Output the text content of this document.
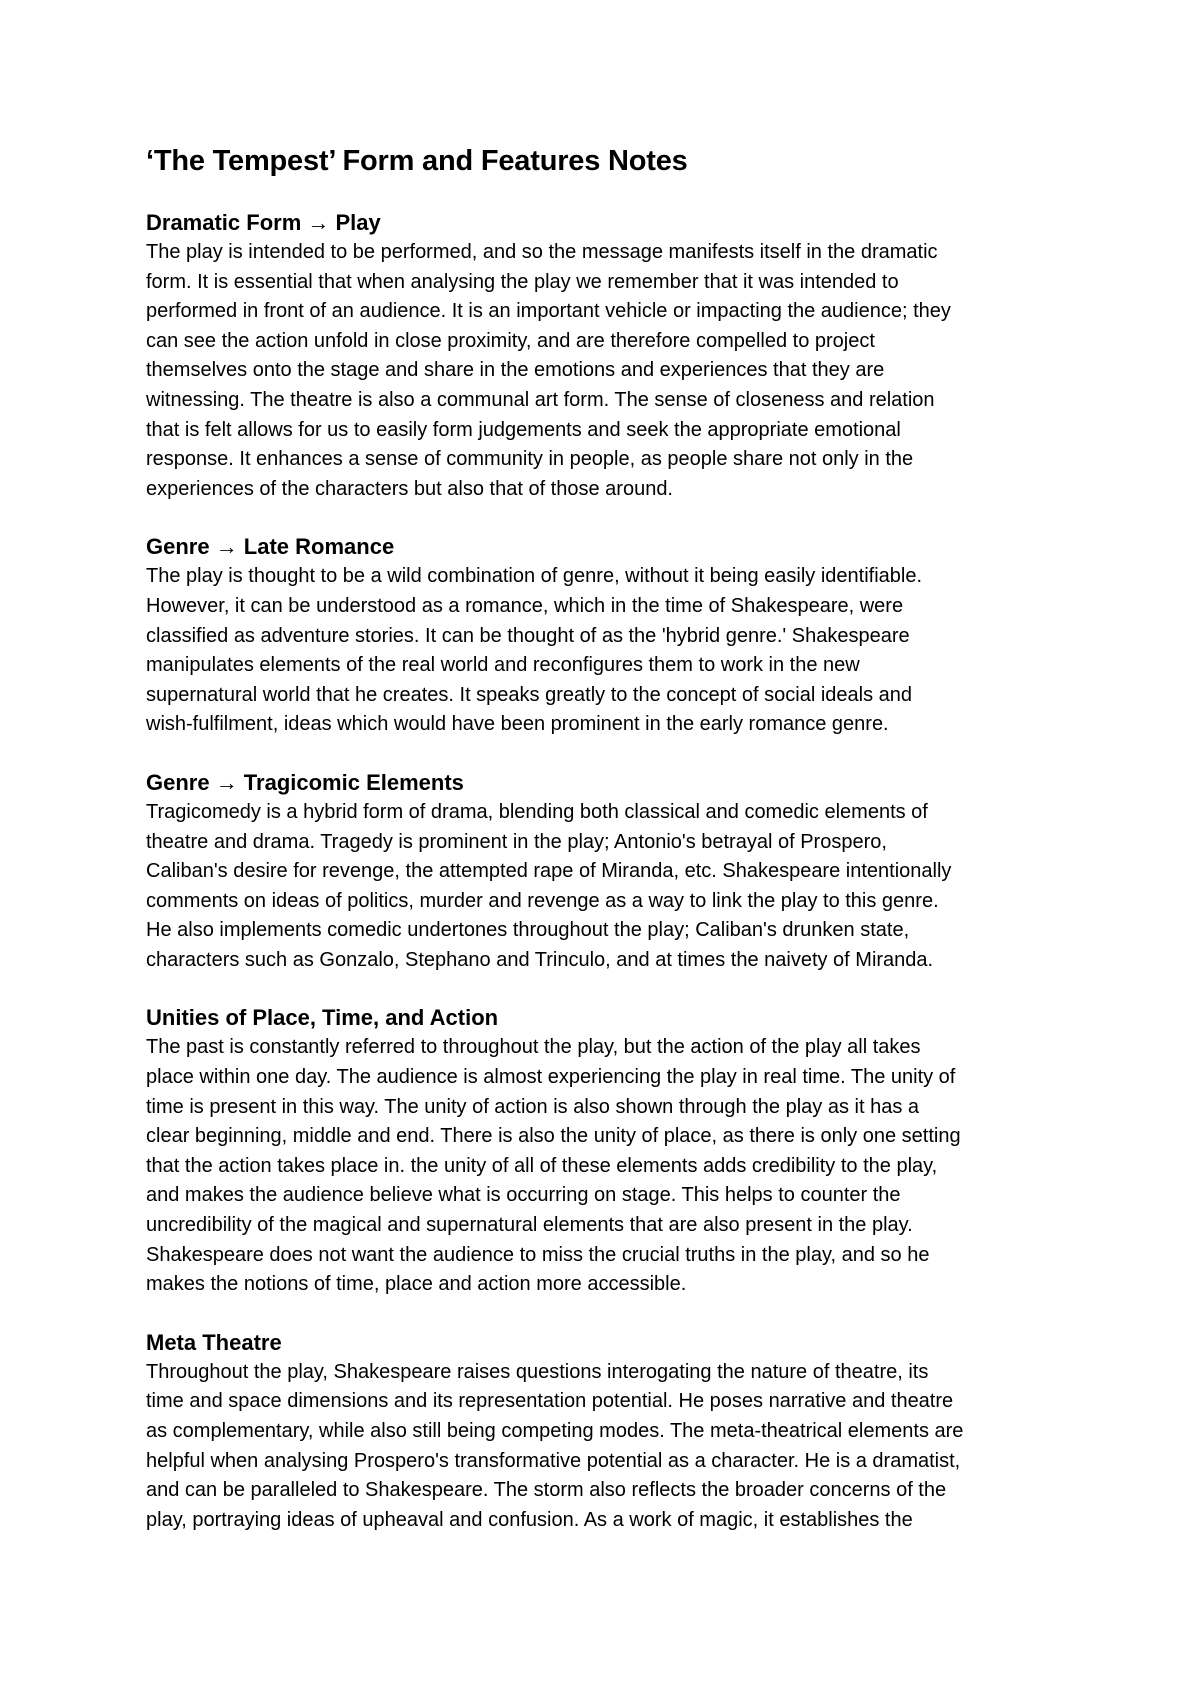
‘The Tempest’ Form and Features Notes
Dramatic Form → Play
The play is intended to be performed, and so the message manifests itself in the dramatic
form. It is essential that when analysing the play we remember that it was intended to
performed in front of an audience. It is an important vehicle or impacting the audience; they
can see the action unfold in close proximity, and are therefore compelled to project
themselves onto the stage and share in the emotions and experiences that they are
witnessing. The theatre is also a communal art form. The sense of closeness and relation
that is felt allows for us to easily form judgements and seek the appropriate emotional
response. It enhances a sense of community in people, as people share not only in the
experiences of the characters but also that of those around.
Genre → Late Romance
The play is thought to be a wild combination of genre, without it being easily identifiable.
However, it can be understood as a romance, which in the time of Shakespeare, were
classified as adventure stories. It can be thought of as the 'hybrid genre.' Shakespeare
manipulates elements of the real world and reconfigures them to work in the new
supernatural world that he creates. It speaks greatly to the concept of social ideals and
wish-fulfilment, ideas which would have been prominent in the early romance genre.
Genre → Tragicomic Elements
Tragicomedy is a hybrid form of drama, blending both classical and comedic elements of
theatre and drama. Tragedy is prominent in the play; Antonio's betrayal of Prospero,
Caliban's desire for revenge, the attempted rape of Miranda, etc. Shakespeare intentionally
comments on ideas of politics, murder and revenge as a way to link the play to this genre.
He also implements comedic undertones throughout the play; Caliban's drunken state,
characters such as Gonzalo, Stephano and Trinculo, and at times the naivety of Miranda.
Unities of Place, Time, and Action
The past is constantly referred to throughout the play, but the action of the play all takes
place within one day. The audience is almost experiencing the play in real time. The unity of
time is present in this way. The unity of action is also shown through the play as it has a
clear beginning, middle and end. There is also the unity of place, as there is only one setting
that the action takes place in. the unity of all of these elements adds credibility to the play,
and makes the audience believe what is occurring on stage. This helps to counter the
uncredibility of the magical and supernatural elements that are also present in the play.
Shakespeare does not want the audience to miss the crucial truths in the play, and so he
makes the notions of time, place and action more accessible.
Meta Theatre
Throughout the play, Shakespeare raises questions interogating the nature of theatre, its
time and space dimensions and its representation potential. He poses narrative and theatre
as complementary, while also still being competing modes. The meta-theatrical elements are
helpful when analysing Prospero's transformative potential as a character. He is a dramatist,
and can be paralleled to Shakespeare. The storm also reflects the broader concerns of the
play, portraying ideas of upheaval and confusion. As a work of magic, it establishes the
